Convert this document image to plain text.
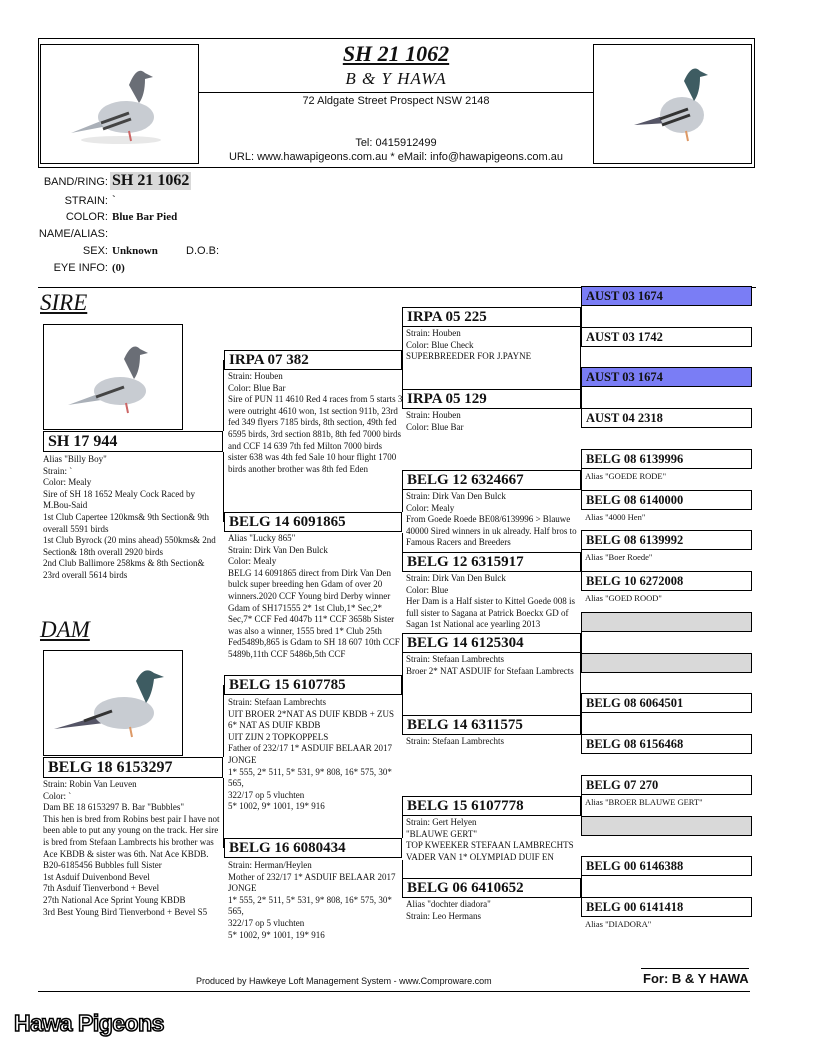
SH 21 1062
B & Y HAWA
72 Aldgate Street Prospect NSW 2148
Tel: 0415912499
URL: www.hawapigeons.com.au * eMail: info@hawapigeons.com.au
BAND/RING: SH 21 1062
STRAIN: `
COLOR: Blue Bar Pied
NAME/ALIAS:
SEX: Unknown	D.O.B:
EYE INFO: (0)
SIRE
SH 17 944
Alias "Billy Boy"
Strain: `
Color: Mealy
Sire of SH 18 1652 Mealy Cock Raced by M.Bou-Said
1st Club Capertee 120kms& 9th Section& 9th overall 5591 birds
1st Club Byrock (20 mins ahead) 550kms& 2nd Section& 18th overall 2920 birds
2nd Club Ballimore 258kms & 8th Section& 23rd overall 5614 birds
DAM
BELG 18 6153297
Strain: Robin Van Leuven
Color: `
Dam BE 18 6153297 B. Bar "Bubbles"
This hen is bred from Robins best pair I have not been able to put any young on the track. Her sire is bred from Stefaan Lambrects his brother was Ace KBDB & sister was 6th. Nat Ace KBDB.
B20-6185456 Bubbles full Sister
1st Asduif Duivenbond Bevel
7th Asduif Tienverbond + Bevel
27th National Ace Sprint Young KBDB
3rd Best Young Bird Tienverbond + Bevel S5
IRPA 07 382
Strain: Houben
Color: Blue Bar
Sire of PUN 11 4610 Red 4 races from 5 starts 3 were outright 4610 won, 1st section 911b, 23rd fed 349 flyers 7185 birds, 8th section, 49th fed 6595 birds, 3rd section 881b, 8th fed 7000 birds
and CCF 14 639 7th fed Milton 7000 birds sister 638 was 4th fed Sale 10 hour flight 1700 birds another brother was 8th fed Eden
BELG 14 6091865
Alias "Lucky 865"
Strain: Dirk Van Den Bulck
Color: Mealy
BELG 14 6091865 direct from Dirk Van Den bulck super breeding hen Gdam of over 20 winners.2020 CCF Young bird Derby winner Gdam of SH171555 2* 1st Club,1* Sec,2* Sec,7* CCF Fed 4047b 11* CCF 3658b Sister was also a winner, 1555 bred 1* Club 25th Fed5489b,865 is Gdam to SH 18 607 10th CCF 5489b,11th CCF 5486b,5th CCF
BELG 15 6107785
Strain: Stefaan Lambrechts
UIT BROER 2*NAT AS DUIF KBDB + ZUS 6* NAT AS DUIF KBDB
UIT ZIJN 2 TOPKOPPELS
Father of 232/17 1* ASDUIF BELAAR 2017 JONGE
1* 555, 2* 511, 5* 531, 9* 808, 16* 575, 30* 565,
322/17 op 5 vluchten
5* 1002, 9* 1001, 19* 916
BELG 16 6080434
Strain: Herman/Heylen
Mother of 232/17 1* ASDUIF BELAAR 2017 JONGE
1* 555, 2* 511, 5* 531, 9* 808, 16* 575, 30* 565,
322/17 op 5 vluchten
5* 1002, 9* 1001, 19* 916
IRPA 05 225
Strain: Houben
Color: Blue Check
SUPERBREEDER FOR J.PAYNE
IRPA 05 129
Strain: Houben
Color: Blue Bar
BELG 12 6324667
Strain: Dirk Van Den Bulck
Color: Mealy
From Goede Roede BE08/6139996 > Blauwe 40000 Sired winners in uk already. Half bros to Famous Racers and Breeders
BELG 12 6315917
Strain: Dirk Van Den Bulck
Color: Blue
Her Dam is a Half sister to Kittel Goede 008 is full sister to Sagana at Patrick Boeckx GD of Sagan 1st National ace yearling 2013
BELG 14 6125304
Strain: Stefaan Lambrechts
Broer 2* NAT ASDUIF for Stefaan Lambrects
BELG 14 6311575
Strain: Stefaan Lambrechts
BELG 15 6107778
Strain: Gert Helyen
"BLAUWE GERT"
TOP KWEEKER STEFAAN LAMBRECHTS
VADER VAN 1* OLYMPIAD DUIF EN
BELG 06 6410652
Alias "dochter diadora"
Strain: Leo Hermans
AUST 03 1674
AUST 03 1742
AUST 03 1674
AUST 04 2318
BELG 08 6139996
Alias "GOEDE RODE"
BELG 08 6140000
Alias "4000 Hen"
BELG 08 6139992
Alias "Boer Roede"
BELG 10 6272008
Alias "GOED ROOD"
BELG 08 6064501
BELG 08 6156468
BELG 07 270
Alias "BROER BLAUWE GERT"
BELG 00 6146388
BELG 00 6141418
Alias "DIADORA"
Produced by Hawkeye Loft Management System - www.Comproware.com	For: B & Y HAWA
Hawa Pigeons
